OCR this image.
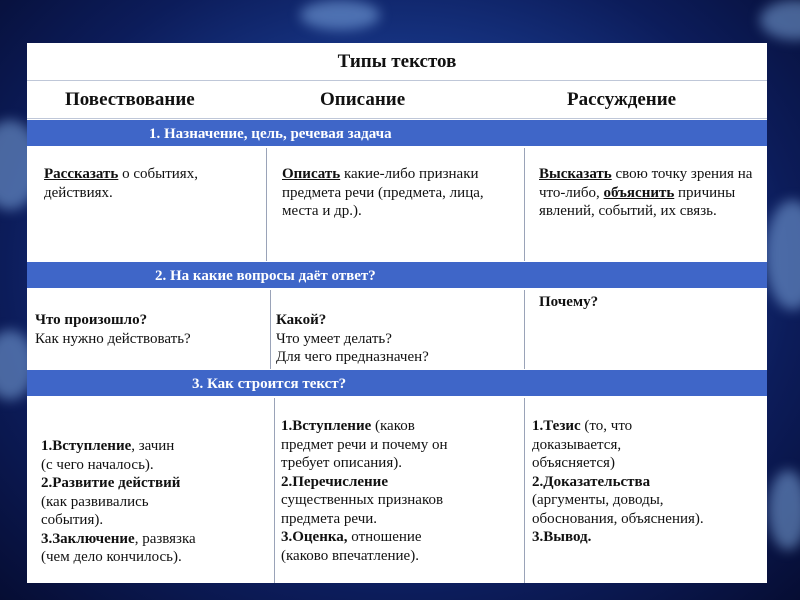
Типы текстов
Повествование	Описание	Рассуждение
1. Назначение, цель, речевая задача
Рассказать о событиях, действиях.
Описать какие-либо признаки предмета речи (предмета, лица, места и др.).
Высказать свою точку зрения на что-либо, объяснить причины явлений, событий, их связь.
2. На какие вопросы даёт ответ?
Что произошло?
Как нужно действовать?
Какой?
Что умеет делать?
Для чего предназначен?
Почему?
3. Как строится текст?
1.Вступление, зачин
(с чего началось).
2.Развитие действий
(как развивались
события).
3.Заключение, развязка
(чем дело кончилось).
1.Вступление (каков
предмет речи и почему он
требует описания).
2.Перечисление
существенных признаков
предмета речи.
3.Оценка, отношение
(каково впечатление).
1.Тезис (то, что
доказывается,
объясняется)
2.Доказательства
(аргументы, доводы,
обоснования, объяснения).
3.Вывод.
